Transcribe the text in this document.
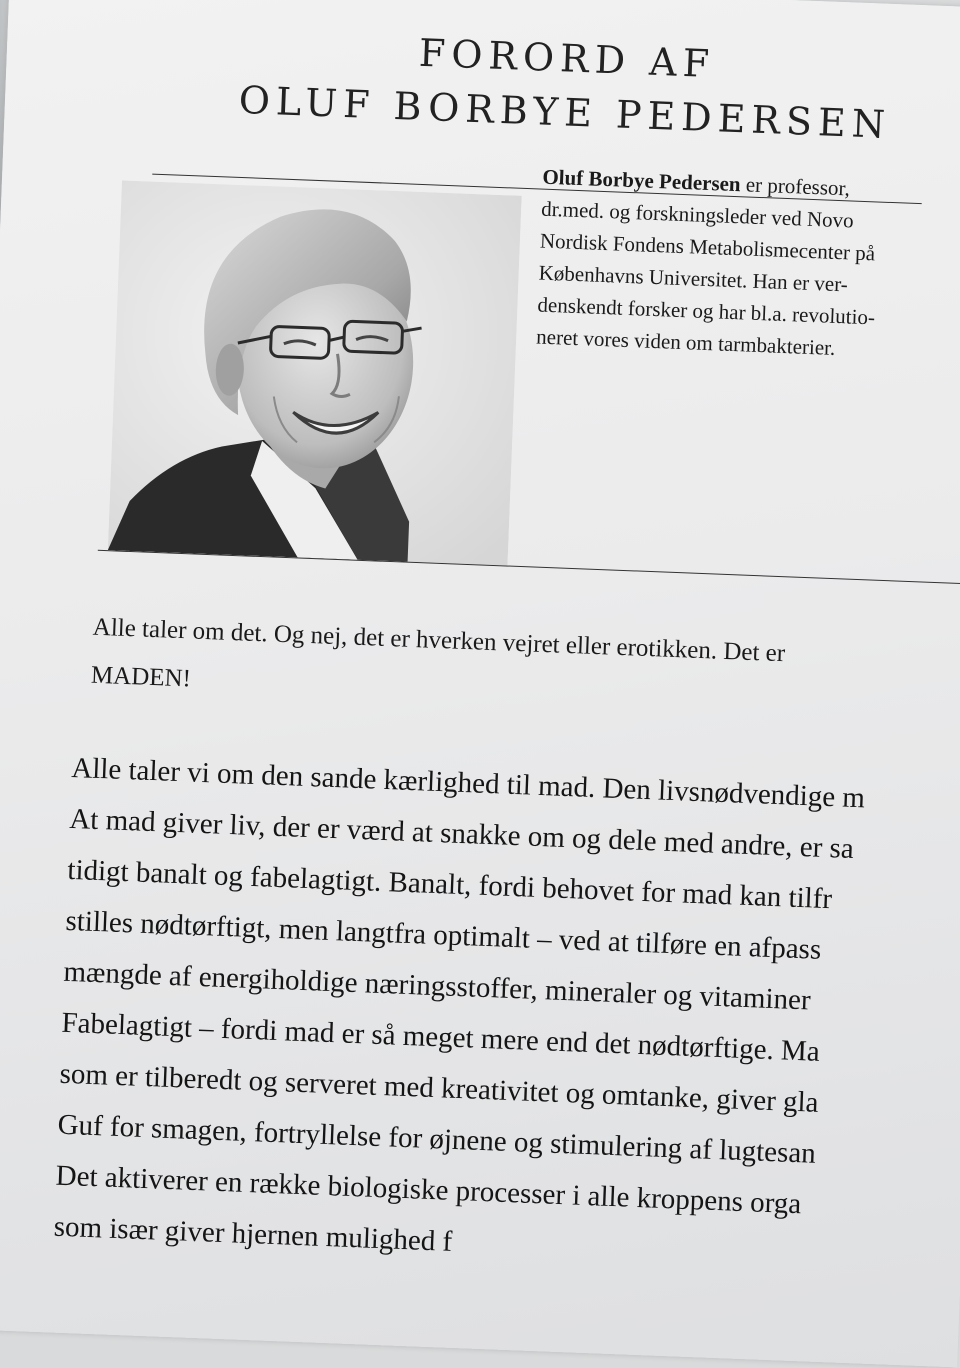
FORORD AF
OLUF BORBYE PEDERSEN
Oluf Borbye Pedersen er professor,
dr.med. og forskningsleder ved Novo
Nordisk Fondens Metabolismecenter på
Københavns Universitet. Han er ver-
denskendt forsker og har bl.a. revolutio-
neret vores viden om tarmbakterier.
Alle taler om det. Og nej, det er hverken vejret eller erotikken. Det er
MADEN!
Alle taler vi om den sande kærlighed til mad. Den livsnødvendige m
At mad giver liv, der er værd at snakke om og dele med andre, er sa
tidigt banalt og fabelagtigt. Banalt, fordi behovet for mad kan tilfr
stilles nødtørftigt, men langtfra optimalt – ved at tilføre en afpass
mængde af energiholdige næringsstoffer, mineraler og vitaminer
Fabelagtigt – fordi mad er så meget mere end det nødtørftige. Ma
som er tilberedt og serveret med kreativitet og omtanke, giver gla
Guf for smagen, fortryllelse for øjnene og stimulering af lugtesan
Det aktiverer en række biologiske processer i alle kroppens orga
som især giver hjernen mulighed f
